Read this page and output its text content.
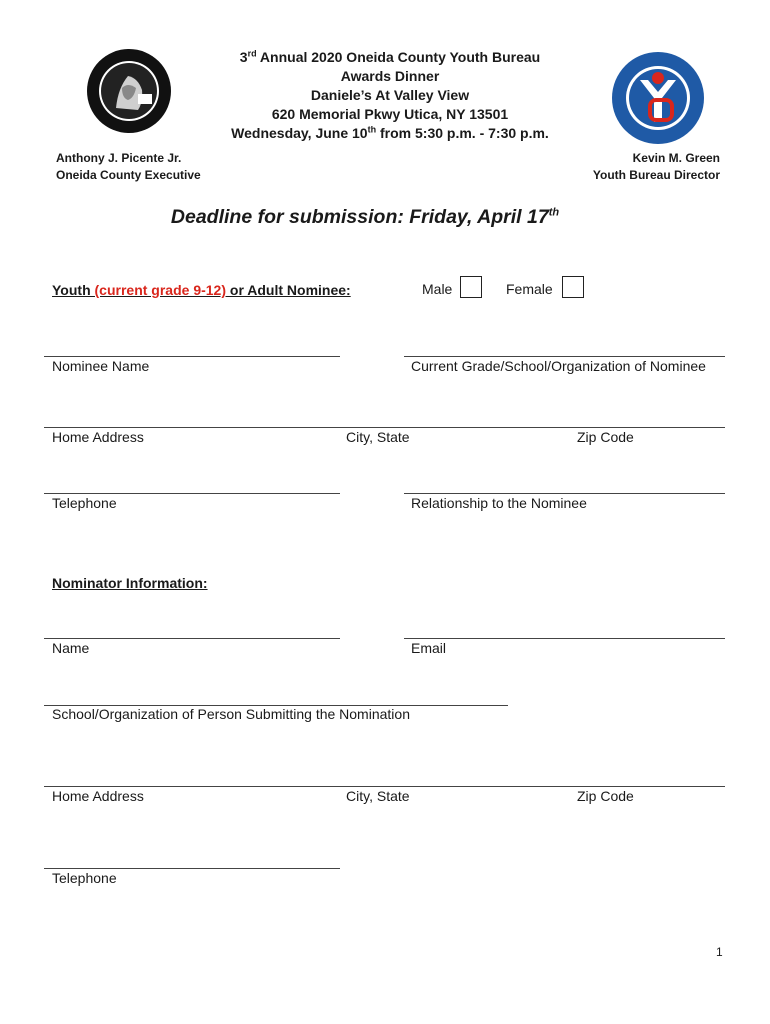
3rd Annual 2020 Oneida County Youth Bureau
Awards Dinner
Daniele’s At Valley View
620 Memorial Pkwy Utica, NY 13501
Wednesday, June 10th from 5:30 p.m. - 7:30 p.m.
Anthony J. Picente Jr.
Oneida County Executive
Kevin M. Green
Youth Bureau Director
Deadline for submission: Friday, April 17th
Youth (current grade 9-12) or Adult Nominee:	Male	Female
Nominee Name	Current Grade/School/Organization of Nominee
Home Address	City, State	Zip Code
Telephone	Relationship to the Nominee
Nominator Information:
Name	Email
School/Organization of Person Submitting the Nomination
Home Address	City, State	Zip Code
Telephone
1
